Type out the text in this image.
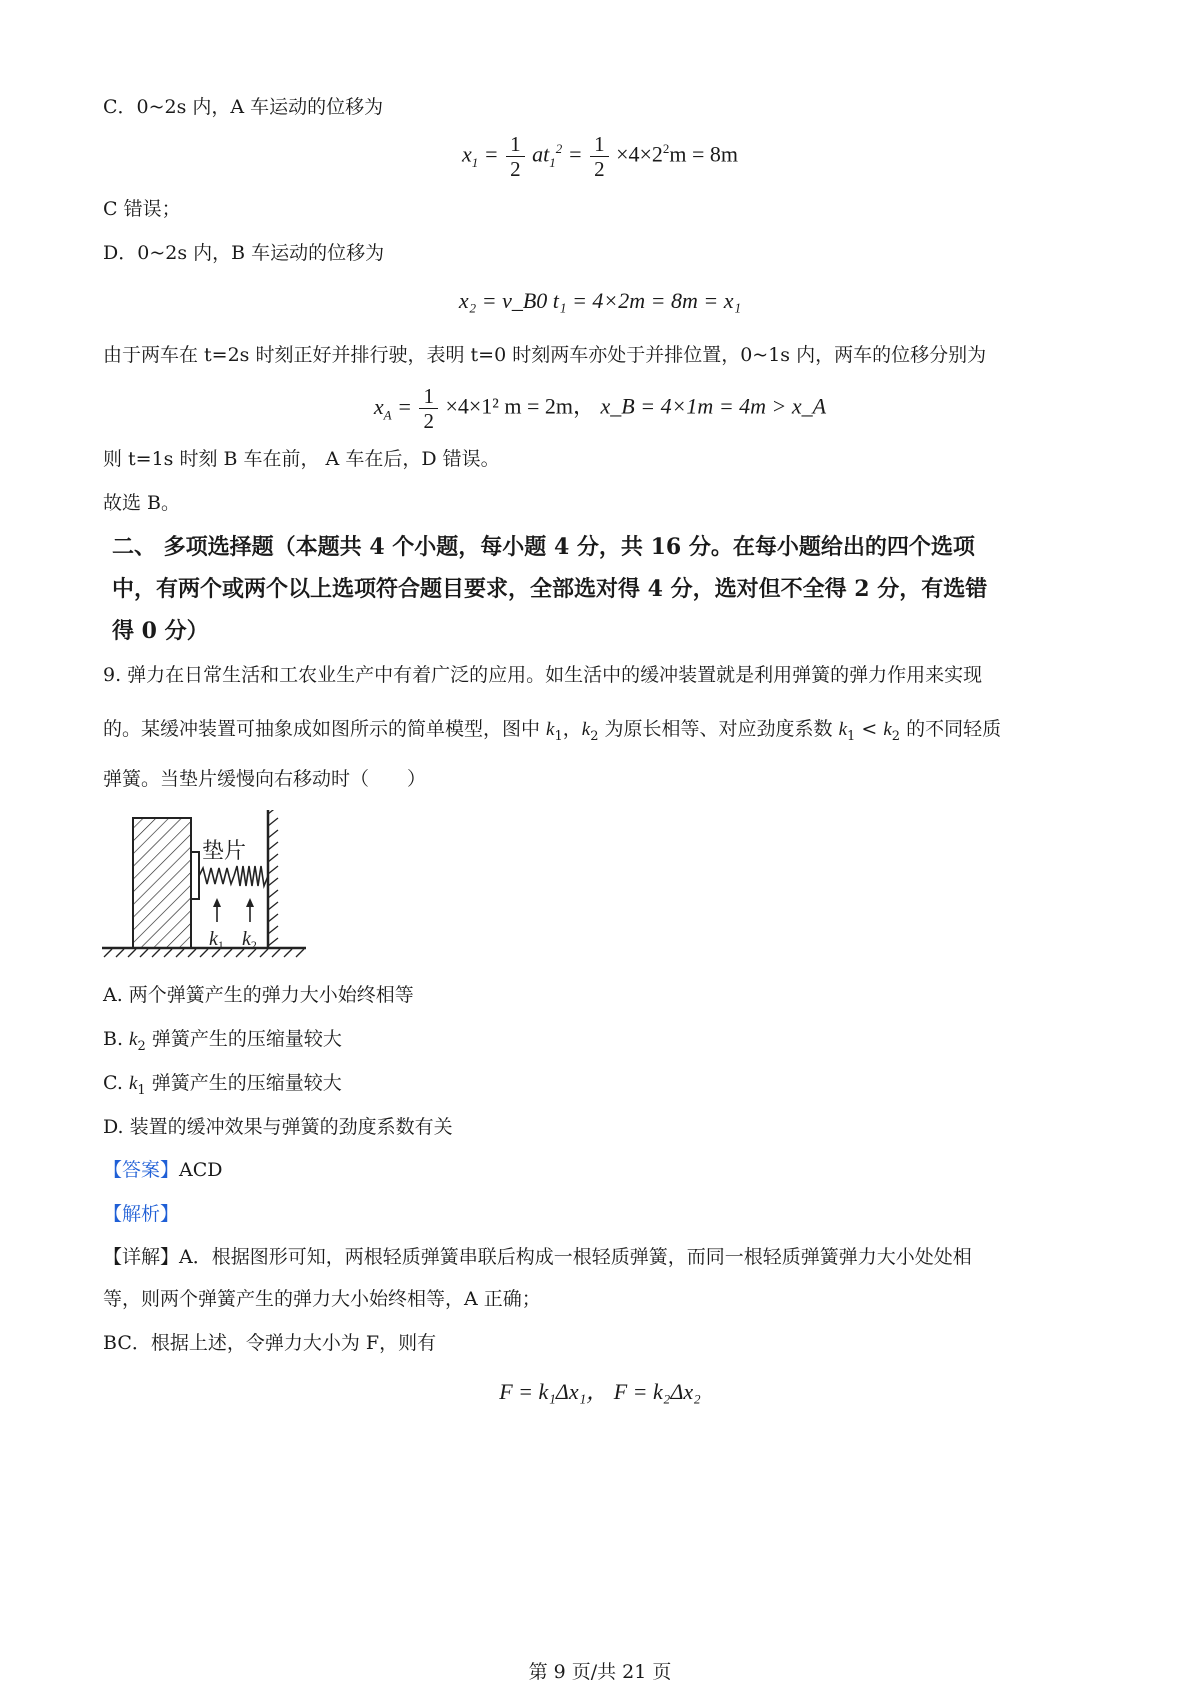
C．0~2s 内，A 车运动的位移为
$x_1 = \frac{1}{2} at_1^2 = \frac{1}{2} \times 4\times 2^2m = 8m$
C 错误；
D．0~2s 内，B 车运动的位移为
x₂ = v_B0 t₁ = 4×2m = 8m = x₁
由于两车在 t=2s 时刻正好并排行驶，表明 t=0 时刻两车亦处于并排位置，0~1s 内，两车的位移分别为
$x_A = \frac{1}{2} \times 4\times 1^2$ m = 2m， x_B = 4×1m = 4m > x_A
则 t=1s 时刻 B 车在前， A 车在后，D 错误。
故选 B。
二、 多项选择题（本题共 4 个小题，每小题 4 分，共 16 分。在每小题给出的四个选项
中，有两个或两个以上选项符合题目要求，全部选对得 4 分，选对但不全得 2 分，有选错
得 0 分）
9. 弹力在日常生活和工农业生产中有着广泛的应用。如生活中的缓冲装置就是利用弹簧的弹力作用来实现
的。某缓冲装置可抽象成如图所示的简单模型，图中 $k_1$，$k_2$ 为原长相等、对应劲度系数 $k_1 < k_2$ 的不同轻质
弹簧。当垫片缓慢向右移动时（　　）
垫片
$k_1$ $k_2$
A. 两个弹簧产生的弹力大小始终相等
B. $k_2$ 弹簧产生的压缩量较大
C. $k_1$ 弹簧产生的压缩量较大
D. 装置的缓冲效果与弹簧的劲度系数有关
【答案】ACD
【解析】
【详解】A．根据图形可知，两根轻质弹簧串联后构成一根轻质弹簧，而同一根轻质弹簧弹力大小处处相
等，则两个弹簧产生的弹力大小始终相等，A 正确；
BC．根据上述，令弹力大小为 F，则有
F = k₁Δx₁， F = k₂Δx₂
第 9 页/共 21 页
